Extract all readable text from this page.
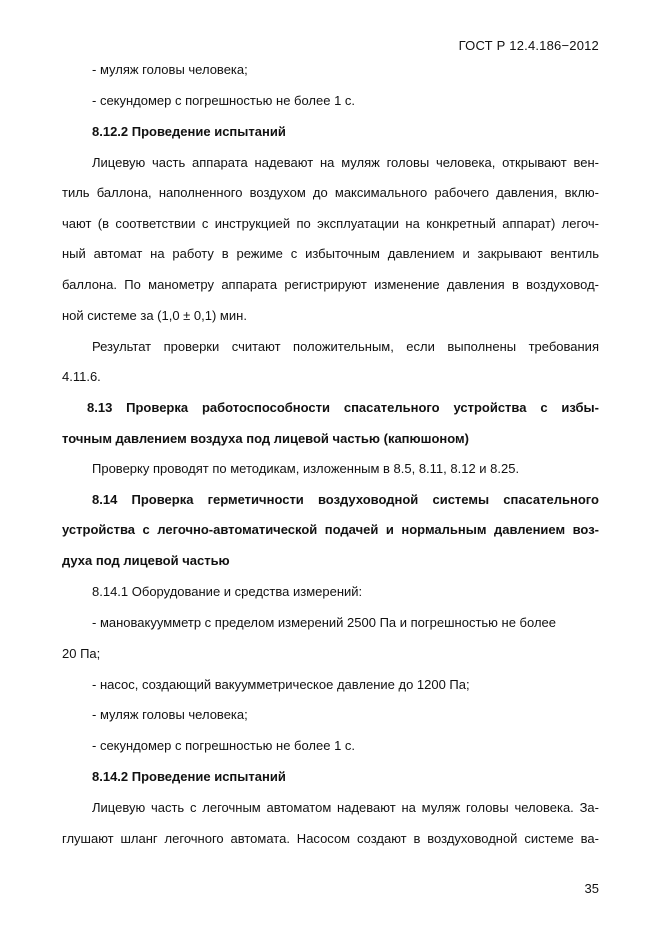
ГОСТ Р 12.4.186−2012
- муляж головы человека;
- секундомер с погрешностью не более 1 с.
8.12.2 Проведение испытаний
Лицевую часть аппарата надевают на муляж головы человека, открывают вен-
тиль баллона, наполненного воздухом до максимального рабочего давления, вклю-
чают (в соответствии с инструкцией по эксплуатации на конкретный аппарат) легоч-
ный автомат на работу в режиме с избыточным давлением и закрывают вентиль
баллона. По манометру аппарата регистрируют изменение давления в воздуховод-
ной системе за (1,0 ± 0,1) мин.
Результат проверки считают положительным, если выполнены требования
4.11.6.
8.13 Проверка работоспособности спасательного устройства с избы-
точным давлением воздуха под лицевой частью (капюшоном)
Проверку проводят по методикам, изложенным в 8.5, 8.11, 8.12 и 8.25.
8.14 Проверка герметичности воздуховодной системы спасательного
устройства с легочно-автоматической подачей и нормальным давлением воз-
духа под лицевой частью
8.14.1 Оборудование и средства измерений:
- мановакуумметр с пределом измерений 2500 Па и погрешностью не более
20 Па;
- насос, создающий вакуумметрическое давление до 1200 Па;
- муляж головы человека;
- секундомер с погрешностью не более 1 с.
8.14.2 Проведение испытаний
Лицевую часть с легочным автоматом надевают на муляж головы человека. За-
глушают шланг легочного автомата. Насосом создают в воздуховодной системе ва-
35
